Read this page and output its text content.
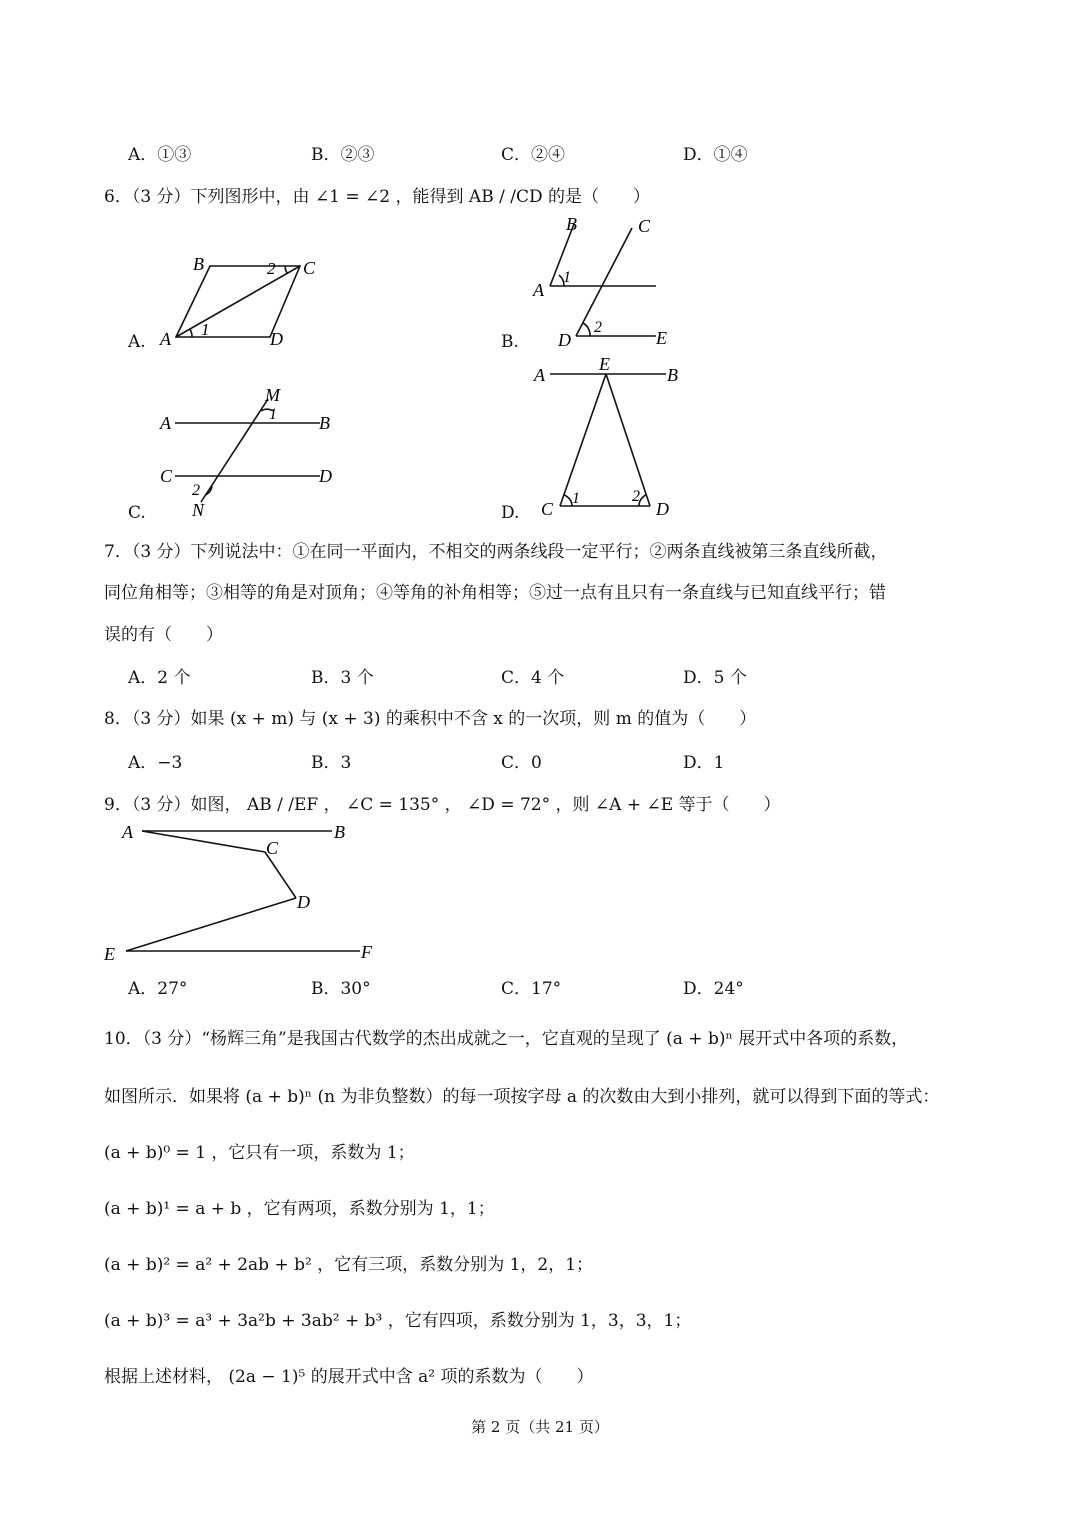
A．①③	B．②③	C．②④	D．①④
6．（3 分）下列图形中，由 ∠1 = ∠2 ，能得到 AB / /CD 的是（　　）
A.	B.
C.	D.
B	2 C
A 1	D
B	C
1
A
2
D	E
M
1
A	B
C	D
2
N
A
E
B
1	2
C	D
7．（3 分）下列说法中：①在同一平面内，不相交的两条线段一定平行；②两条直线被第三条直线所截，
同位角相等；③相等的角是对顶角；④等角的补角相等；⑤过一点有且只有一条直线与已知直线平行；错
误的有（　　）
A．2 个	B．3 个	C．4 个	D．5 个
8．（3 分）如果 (x + m) 与 (x + 3) 的乘积中不含 x 的一次项，则 m 的值为（　　）
A．−3	B．3	C．0	D．1
9．（3 分）如图， AB / /EF ， ∠C = 135° ， ∠D = 72° ，则 ∠A + ∠E 等于（　　）
A	B
C
D
E	F
A．27°	B．30°	C．17°	D．24°
10．（3 分）“杨辉三角”是我国古代数学的杰出成就之一，它直观的呈现了 (a + b)ⁿ 展开式中各项的系数，
如图所示．如果将 (a + b)ⁿ (n 为非负整数）的每一项按字母 a 的次数由大到小排列，就可以得到下面的等式：
(a + b)⁰ = 1 ，它只有一项，系数为 1；
(a + b)¹ = a + b ，它有两项，系数分别为 1，1；
(a + b)² = a² + 2ab + b² ，它有三项，系数分别为 1，2，1；
(a + b)³ = a³ + 3a²b + 3ab² + b³ ，它有四项，系数分别为 1，3，3，1；
根据上述材料， (2a − 1)⁵ 的展开式中含 a² 项的系数为（　　）
第 2 页（共 21 页）
